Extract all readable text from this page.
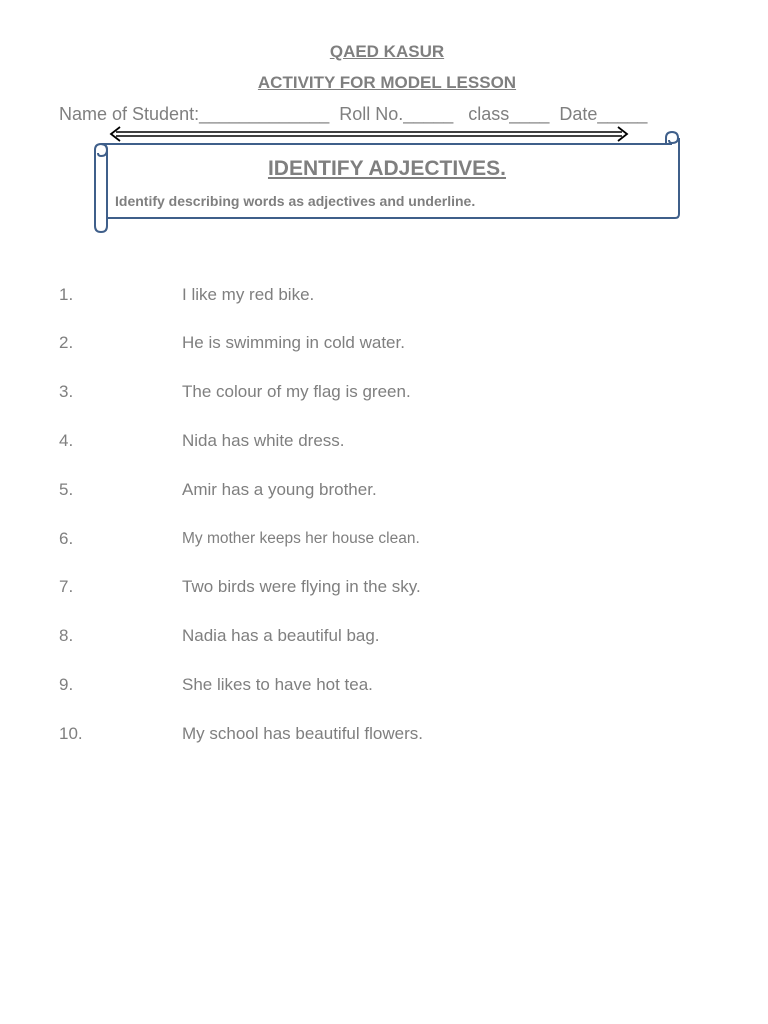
QAED KASUR
ACTIVITY FOR MODEL LESSON
Name of Student:_____________  Roll No._____   class____  Date_____
IDENTIFY ADJECTIVES.
Identify describing words as adjectives and underline.
1.	I like my red bike.
2.	He is swimming in cold water.
3.	The colour of my flag is green.
4.	Nida has white dress.
5.	Amir has a young brother.
6.	My mother keeps her house clean.
7.	Two birds were flying in the sky.
8.	Nadia has a beautiful bag.
9.	She likes to have hot tea.
10.	My school has beautiful flowers.
